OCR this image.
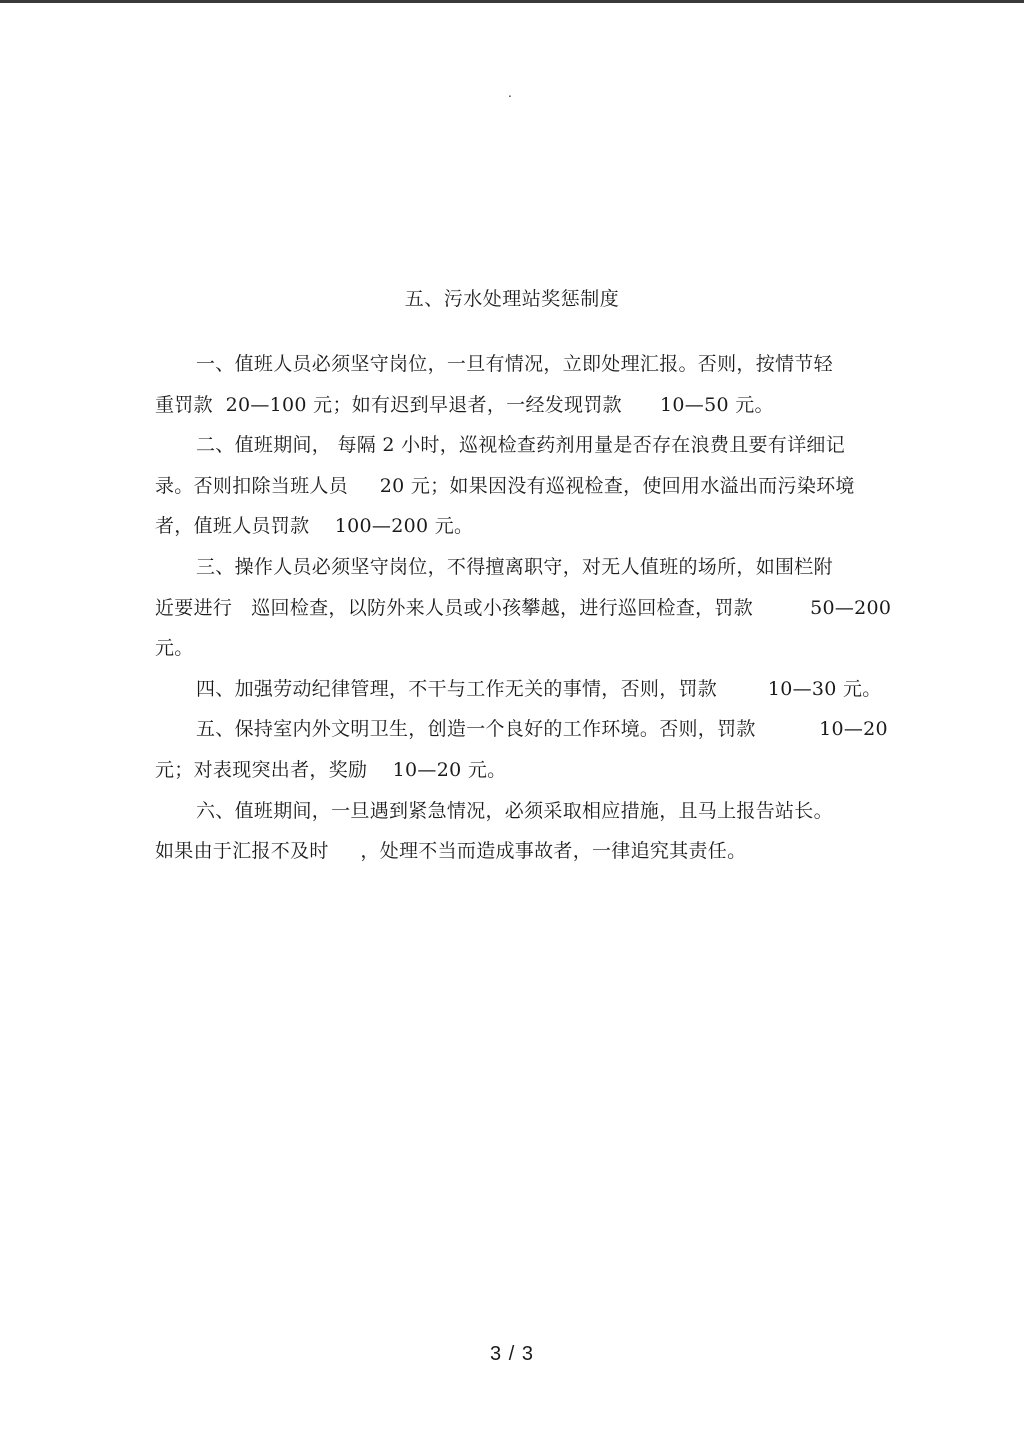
.
五、污水处理站奖惩制度
一、值班人员必须坚守岗位，一旦有情况，立即处理汇报。否则，按情节轻
重罚款  20—100 元；如有迟到早退者，一经发现罚款      10—50 元。
二、值班期间， 每隔 2 小时，巡视检查药剂用量是否存在浪费且要有详细记
录。否则扣除当班人员     20 元；如果因没有巡视检查，使回用水溢出而污染环境
者，值班人员罚款    100—200 元。
三、操作人员必须坚守岗位，不得擅离职守，对无人值班的场所，如围栏附
近要进行   巡回检查，以防外来人员或小孩攀越，进行巡回检查，罚款         50—200
元。
四、加强劳动纪律管理，不干与工作无关的事情，否则，罚款        10—30 元。
五、保持室内外文明卫生，创造一个良好的工作环境。否则，罚款          10—20
元；对表现突出者，奖励    10—20 元。
六、值班期间，一旦遇到紧急情况，必须采取相应措施，且马上报告站长。
如果由于汇报不及时     ，处理不当而造成事故者，一律追究其责任。
3 / 3
